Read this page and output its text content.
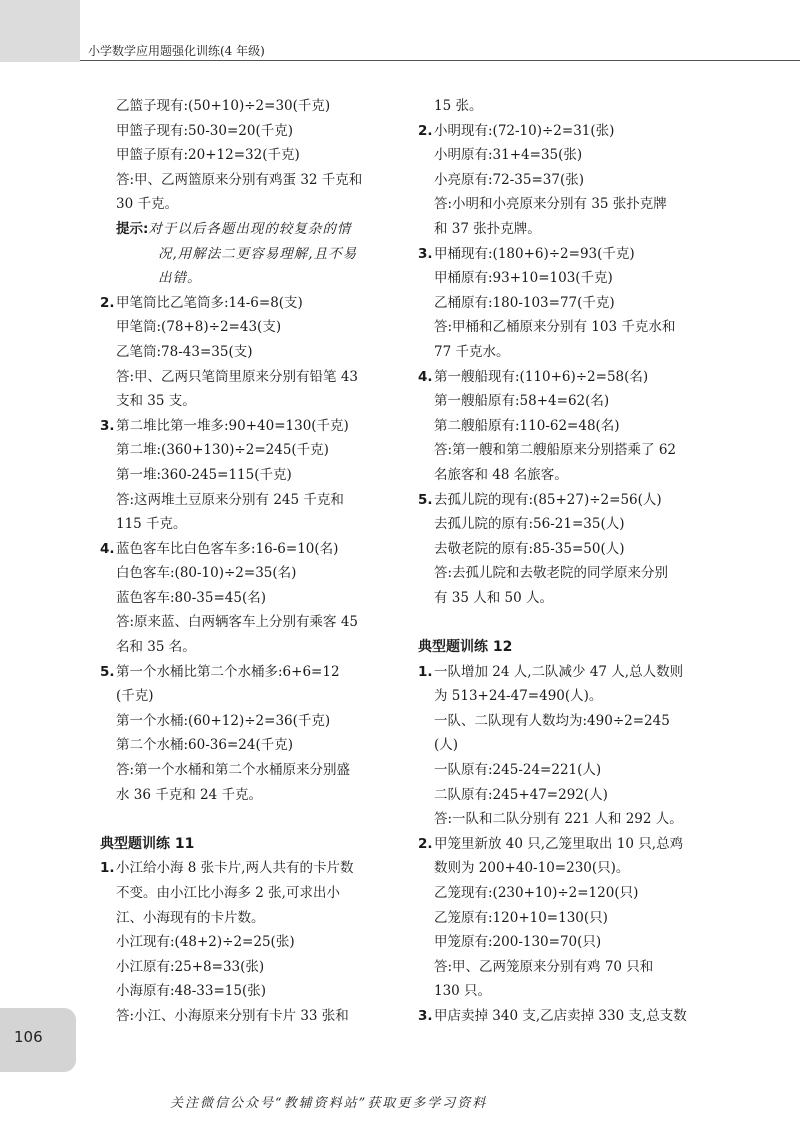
小学数学应用题强化训练(4 年级)
乙篮子现有:(50+10)÷2=30(千克)
甲篮子现有:50-30=20(千克)
甲篮子原有:20+12=32(千克)
答:甲、乙两篮原来分别有鸡蛋 32 千克和
30 千克。
提示:对于以后各题出现的较复杂的情
况,用解法二更容易理解,且不易
出错。
2.甲笔筒比乙笔筒多:14-6=8(支)
甲笔筒:(78+8)÷2=43(支)
乙笔筒:78-43=35(支)
答:甲、乙两只笔筒里原来分别有铅笔 43
支和 35 支。
3.第二堆比第一堆多:90+40=130(千克)
第二堆:(360+130)÷2=245(千克)
第一堆:360-245=115(千克)
答:这两堆土豆原来分别有 245 千克和
115 千克。
4.蓝色客车比白色客车多:16-6=10(名)
白色客车:(80-10)÷2=35(名)
蓝色客车:80-35=45(名)
答:原来蓝、白两辆客车上分别有乘客 45
名和 35 名。
5.第一个水桶比第二个水桶多:6+6=12
(千克)
第一个水桶:(60+12)÷2=36(千克)
第二个水桶:60-36=24(千克)
答:第一个水桶和第二个水桶原来分别盛
水 36 千克和 24 千克。
典型题训练 11
1.小江给小海 8 张卡片,两人共有的卡片数
不变。由小江比小海多 2 张,可求出小
江、小海现有的卡片数。
小江现有:(48+2)÷2=25(张)
小江原有:25+8=33(张)
小海原有:48-33=15(张)
答:小江、小海原来分别有卡片 33 张和
15 张。
2.小明现有:(72-10)÷2=31(张)
小明原有:31+4=35(张)
小亮原有:72-35=37(张)
答:小明和小亮原来分别有 35 张扑克牌
和 37 张扑克牌。
3.甲桶现有:(180+6)÷2=93(千克)
甲桶原有:93+10=103(千克)
乙桶原有:180-103=77(千克)
答:甲桶和乙桶原来分别有 103 千克水和
77 千克水。
4.第一艘船现有:(110+6)÷2=58(名)
第一艘船原有:58+4=62(名)
第二艘船原有:110-62=48(名)
答:第一艘和第二艘船原来分别搭乘了 62
名旅客和 48 名旅客。
5.去孤儿院的现有:(85+27)÷2=56(人)
去孤儿院的原有:56-21=35(人)
去敬老院的原有:85-35=50(人)
答:去孤儿院和去敬老院的同学原来分别
有 35 人和 50 人。
典型题训练 12
1.一队增加 24 人,二队减少 47 人,总人数则
为 513+24-47=490(人)。
一队、二队现有人数均为:490÷2=245
(人)
一队原有:245-24=221(人)
二队原有:245+47=292(人)
答:一队和二队分别有 221 人和 292 人。
2.甲笼里新放 40 只,乙笼里取出 10 只,总鸡
数则为 200+40-10=230(只)。
乙笼现有:(230+10)÷2=120(只)
乙笼原有:120+10=130(只)
甲笼原有:200-130=70(只)
答:甲、乙两笼原来分别有鸡 70 只和
130 只。
3.甲店卖掉 340 支,乙店卖掉 330 支,总支数
106
关注微信公众号“教辅资料站”获取更多学习资料
